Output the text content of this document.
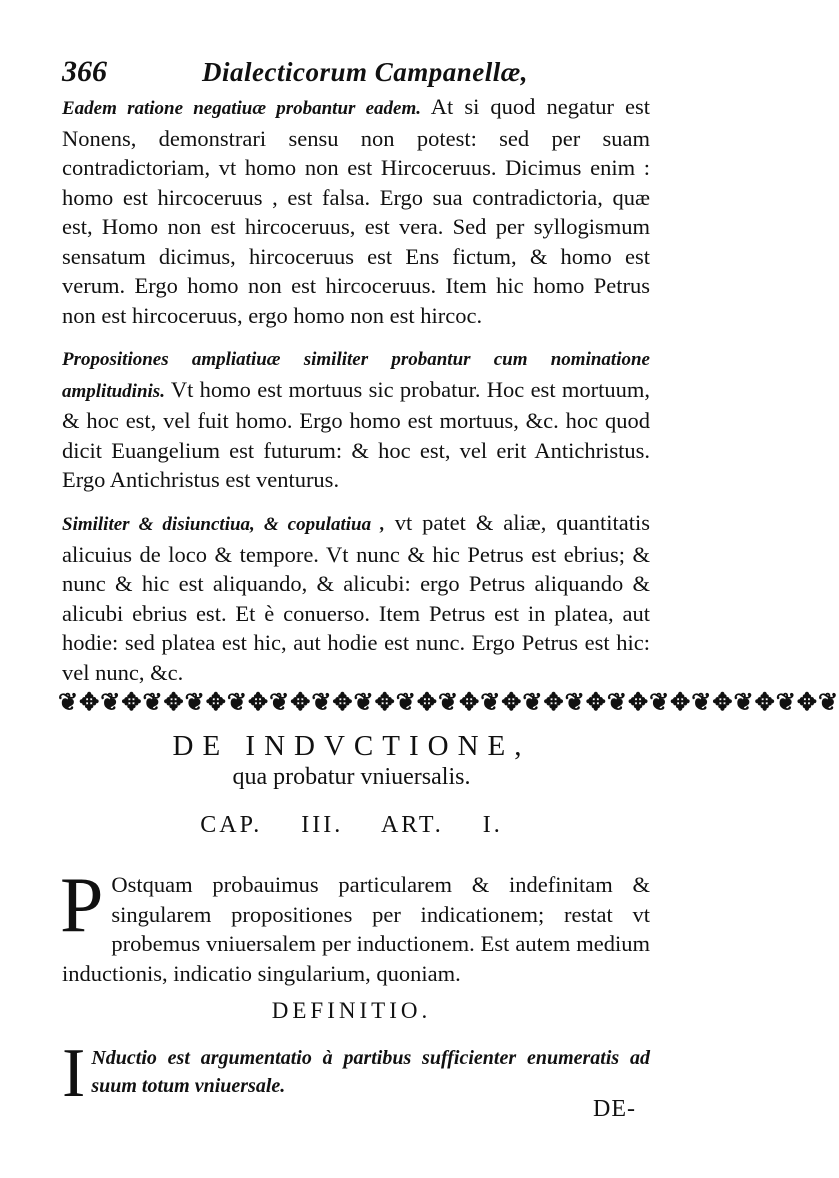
366	Dialecticorum Campanellæ,
Eadem ratione negatiuæ probantur eadem. At si quod negatur est Nonens, demonstrari sensu non potest: sed per suam contradictoriam, vt homo non est Hircoceruus. Dicimus enim : homo est hircoceruus , est falsa. Ergo sua contradictoria, quæ est, Homo non est hircoceruus, est vera. Sed per syllogismum sensatum dicimus, hircoceruus est Ens fictum, & homo est verum. Ergo homo non est hircoceruus. Item hic homo Petrus non est hircoceruus, ergo homo non est hircoc.
Propositiones ampliatiuæ similiter probantur cum nominatione amplitudinis. Vt homo est mortuus sic probatur. Hoc est mortuum, & hoc est, vel fuit homo. Ergo homo est mortuus, &c. hoc quod dicit Euangelium est futurum: & hoc est, vel erit Antichristus. Ergo Antichristus est venturus.
Similiter & disiunctiua, & copulatiua , vt patet & aliæ, quantitatis alicuius de loco & tempore. Vt nunc & hic Petrus est ebrius; & nunc & hic est aliquando, & alicubi: ergo Petrus aliquando & alicubi ebrius est. Et è conuerso. Item Petrus est in platea, aut hodie: sed platea est hic, aut hodie est nunc. Ergo Petrus est hic: vel nunc, &c.
❦✥❦✥❦✥❦✥❦✥❦✥❦✥❦✥❦✥❦✥❦✥❦✥❦✥❦✥❦✥❦✥❦✥❦✥❦
DE INDVCTIONE,
qua probatur vniuersalis.
CAP. III. ART. I.
P Ostquam probauimus particularem & indefinitam & singularem propositiones per indicationem; restat vt probemus vniuersalem per inductionem. Est autem medium inductionis, indicatio singularium, quoniam.
DEFINITIO.
I Nductio est argumentatio à partibus sufficienter enumeratis ad suum totum vniuersale.
DE-
